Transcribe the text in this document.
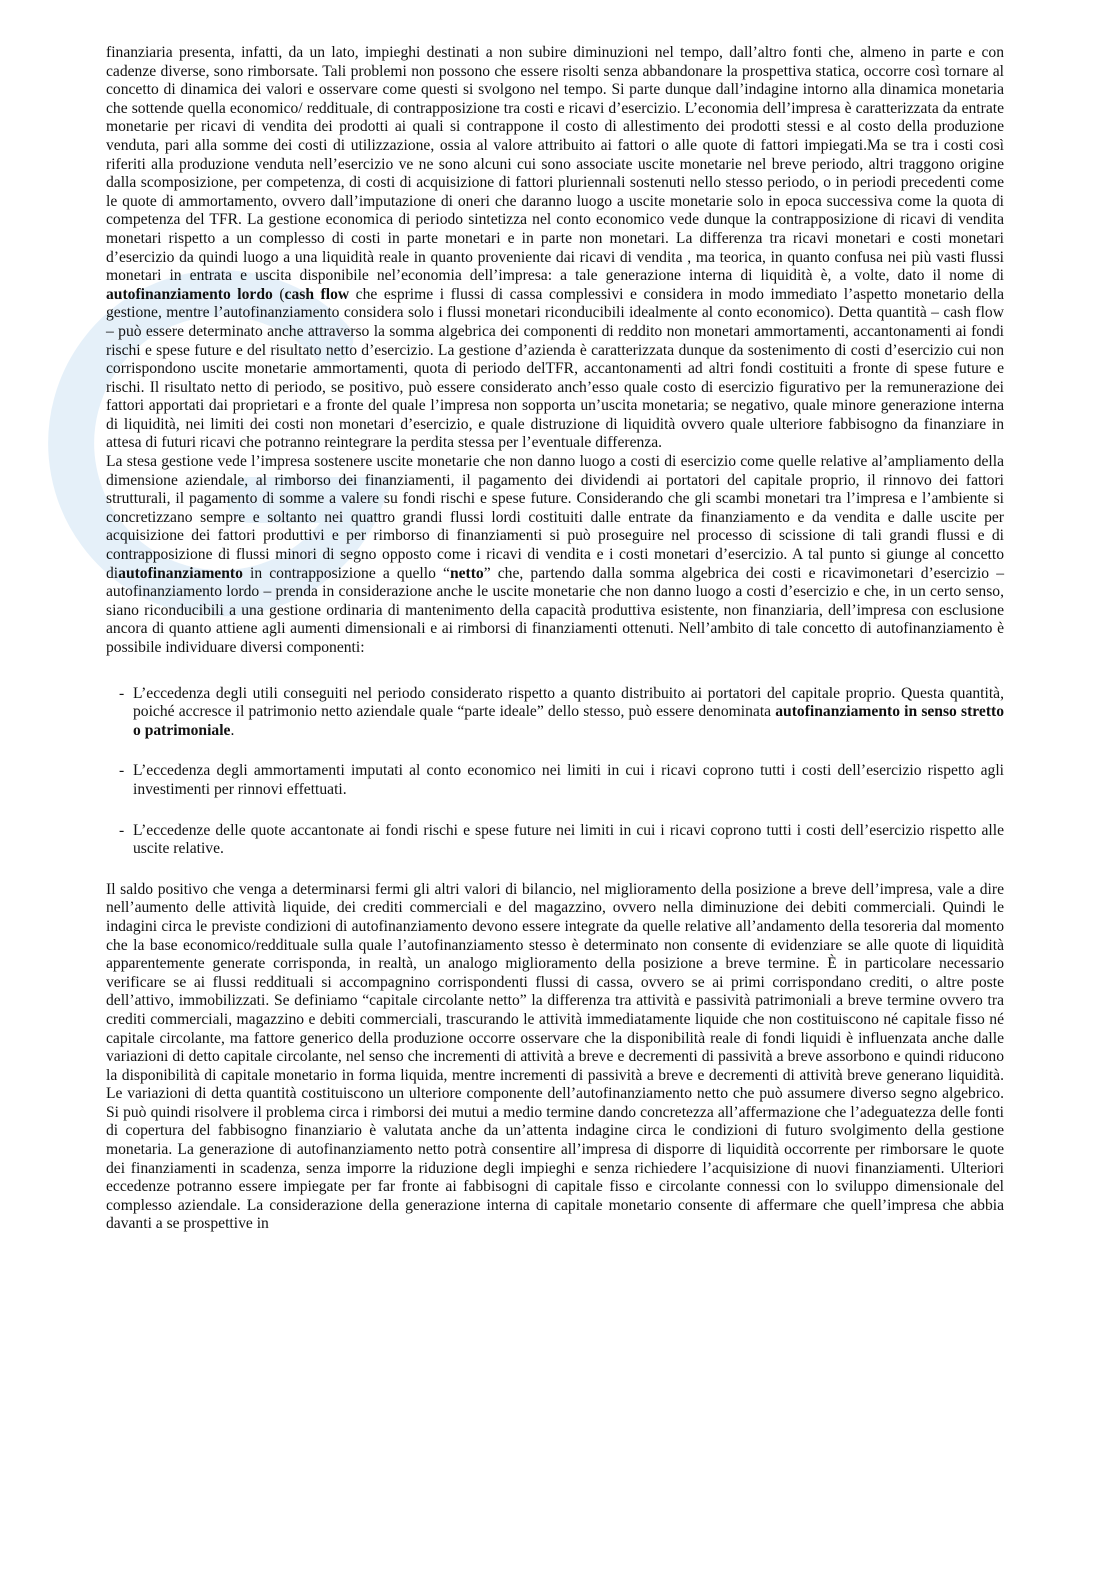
finanziaria presenta, infatti, da un lato, impieghi destinati a non subire diminuzioni nel tempo, dall’altro fonti che, almeno in parte e con cadenze diverse, sono rimborsate. Tali problemi non possono che essere risolti senza abbandonare la prospettiva statica, occorre così tornare al concetto di dinamica dei valori e osservare come questi si svolgono nel tempo. Si parte dunque dall’indagine intorno alla dinamica monetaria che sottende quella economico/ reddituale, di contrapposizione tra costi e ricavi d’esercizio. L’economia dell’impresa è caratterizzata da entrate monetarie per ricavi di vendita dei prodotti ai quali si contrappone il costo di allestimento dei prodotti stessi e al costo della produzione venduta, pari alla somme dei costi di utilizzazione, ossia al valore attribuito ai fattori o alle quote di fattori impiegati.Ma se tra i costi così riferiti alla produzione venduta nell’esercizio ve ne sono alcuni cui sono associate uscite monetarie nel breve periodo, altri traggono origine dalla scomposizione, per competenza, di costi di acquisizione di fattori pluriennali sostenuti nello stesso periodo, o in periodi precedenti come le quote di ammortamento, ovvero dall’imputazione di oneri che daranno luogo a uscite monetarie solo in epoca successiva come la quota di competenza del TFR. La gestione economica di periodo sintetizza nel conto economico vede dunque la contrapposizione di ricavi di vendita monetari rispetto a un complesso di costi in parte monetari e in parte non monetari. La differenza tra ricavi monetari e costi monetari d’esercizio da quindi luogo a una liquidità reale in quanto proveniente dai ricavi di vendita , ma teorica, in quanto confusa nei più vasti flussi monetari in entrata e uscita disponibile nel’economia dell’impresa: a tale generazione interna di liquidità è, a volte, dato il nome di autofinanziamento lordo (cash flow che esprime i flussi di cassa complessivi e considera in modo immediato l’aspetto monetario della gestione, mentre l’autofinanziamento considera solo i flussi monetari riconducibili idealmente al conto economico). Detta quantità – cash flow – può essere determinato anche attraverso la somma algebrica dei componenti di reddito non monetari ammortamenti, accantonamenti ai fondi rischi e spese future e del risultato netto d’esercizio. La gestione d’azienda è caratterizzata dunque da sostenimento di costi d’esercizio cui non corrispondono uscite monetarie ammortamenti, quota di periodo delTFR, accantonamenti ad altri fondi costituiti a fronte di spese future e rischi. Il risultato netto di periodo, se positivo, può essere considerato anch’esso quale costo di esercizio figurativo per la remunerazione dei fattori apportati dai proprietari e a fronte del quale l’impresa non sopporta un’uscita monetaria; se negativo, quale minore generazione interna di liquidità, nei limiti dei costi non monetari d’esercizio, e quale distruzione di liquidità ovvero quale ulteriore fabbisogno da finanziare in attesa di futuri ricavi che potranno reintegrare la perdita stessa per l’eventuale differenza.

La stesa gestione vede l’impresa sostenere uscite monetarie che non danno luogo a costi di esercizio come quelle relative al’ampliamento della dimensione aziendale, al rimborso dei finanziamenti, il pagamento dei dividendi ai portatori del capitale proprio, il rinnovo dei fattori strutturali, il pagamento di somme a valere su fondi rischi e spese future. Considerando che gli scambi monetari tra l’impresa e l’ambiente si concretizzano sempre e soltanto nei quattro grandi flussi lordi costituiti dalle entrate da finanziamento e da vendita e dalle uscite per acquisizione dei fattori produttivi e per rimborso di finanziamenti si può proseguire nel processo di scissione di tali grandi flussi e di contrapposizione di flussi minori di segno opposto come i ricavi di vendita e i costi monetari d’esercizio. A tal punto si giunge al concetto diautofinanziamento in contrapposizione a quello “netto” che, partendo dalla somma algebrica dei costi e ricavimonetari d’esercizio – autofinanziamento lordo – prenda in considerazione anche le uscite monetarie che non danno luogo a costi d’esercizio e che, in un certo senso, siano riconducibili a una gestione ordinaria di mantenimento della capacità produttiva esistente, non finanziaria, dell’impresa con esclusione ancora di quanto attiene agli aumenti dimensionali e ai rimborsi di finanziamenti ottenuti. Nell’ambito di tale concetto di autofinanziamento è possibile individuare diversi componenti:

- L’eccedenza degli utili conseguiti nel periodo considerato rispetto a quanto distribuito ai portatori del capitale proprio. Questa quantità, poiché accresce il patrimonio netto aziendale quale “parte ideale” dello stesso, può essere denominata autofinanziamento in senso stretto o patrimoniale.
- L’eccedenza degli ammortamenti imputati al conto economico nei limiti in cui i ricavi coprono tutti i costi dell’esercizio rispetto agli investimenti per rinnovi effettuati.
- L’eccedenze delle quote accantonate ai fondi rischi e spese future nei limiti in cui i ricavi coprono tutti i costi dell’esercizio rispetto alle uscite relative.

Il saldo positivo che venga a determinarsi fermi gli altri valori di bilancio, nel miglioramento della posizione a breve dell’impresa, vale a dire nell’aumento delle attività liquide, dei crediti commerciali e del magazzino, ovvero nella diminuzione dei debiti commerciali. Quindi le indagini circa le previste condizioni di autofinanziamento devono essere integrate da quelle relative all’andamento della tesoreria dal momento che la base economico/reddituale sulla quale l’autofinanziamento stesso è determinato non consente di evidenziare se alle quote di liquidità apparentemente generate corrisponda, in realtà, un analogo miglioramento della posizione a breve termine. È in particolare necessario verificare se ai flussi reddituali si accompagnino corrispondenti flussi di cassa, ovvero se ai primi corrispondano crediti, o altre poste dell’attivo, immobilizzati. Se definiamo “capitale circolante netto” la differenza tra attività e passività patrimoniali a breve termine ovvero tra crediti commerciali, magazzino e debiti commerciali, trascurando le attività immediatamente liquide che non costituiscono né capitale fisso né capitale circolante, ma fattore generico della produzione occorre osservare che la disponibilità reale di fondi liquidi è influenzata anche dalle variazioni di detto capitale circolante, nel senso che incrementi di attività a breve e decrementi di passività a breve assorbono e quindi riducono la disponibilità di capitale monetario in forma liquida, mentre incrementi di passività a breve e decrementi di attività breve generano liquidità. Le variazioni di detta quantità costituiscono un ulteriore componente dell’autofinanziamento netto che può assumere diverso segno algebrico. Si può quindi risolvere il problema circa i rimborsi dei mutui a medio termine dando concretezza all’affermazione che l’adeguatezza delle fonti di copertura del fabbisogno finanziario è valutata anche da un’attenta indagine circa le condizioni di futuro svolgimento della gestione monetaria. La generazione di autofinanziamento netto potrà consentire all’impresa di disporre di liquidità occorrente per rimborsare le quote dei finanziamenti in scadenza, senza imporre la riduzione degli impieghi e senza richiedere l’acquisizione di nuovi finanziamenti. Ulteriori eccedenze potranno essere impiegate per far fronte ai fabbisogni di capitale fisso e circolante connessi con lo sviluppo dimensionale del complesso aziendale. La considerazione della generazione interna di capitale monetario consente di affermare che quell’impresa che abbia davanti a se prospettive in
